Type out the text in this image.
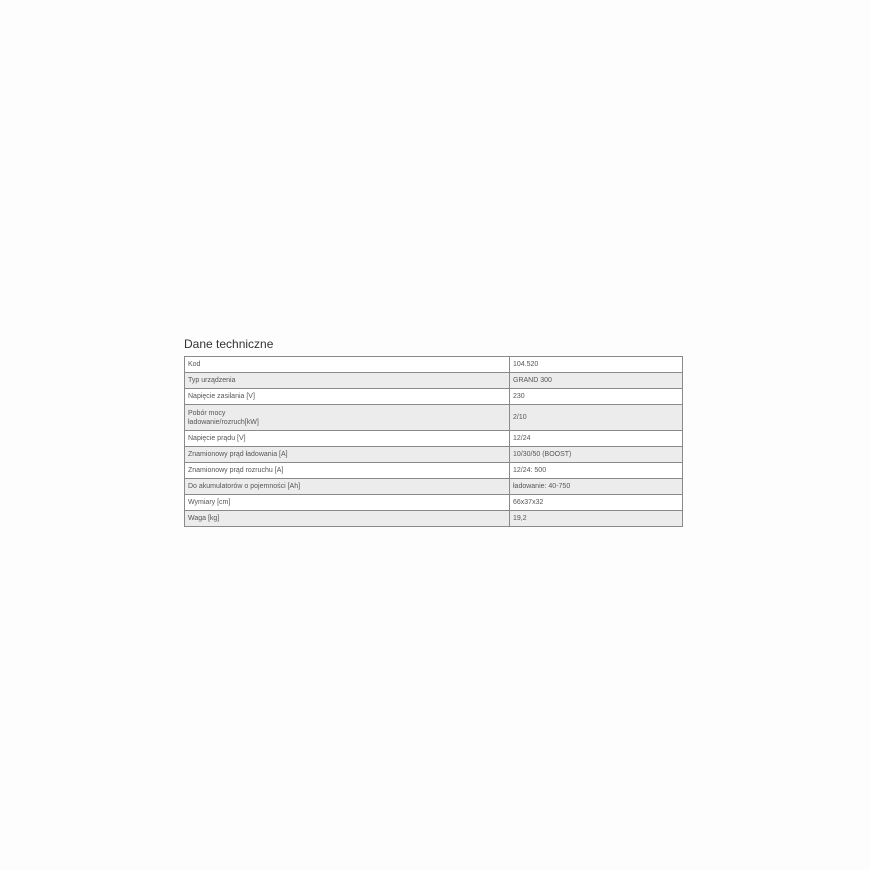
Dane techniczne
Kod	104.520
Typ urządzenia	GRAND 300
Napięcie zasilania [V]	230

Pobór mocy
ładowanie/rozruch[kW]	2/10
Napięcie prądu [V]	12/24
Znamionowy prąd ładowania [A]	10/30/50 (BOOST)
Znamionowy prąd rozruchu [A]	12/24: 500
Do akumulatorów o pojemności [Ah]	ładowanie: 40-750
Wymiary [cm]	66x37x32
Waga [kg]	19,2
